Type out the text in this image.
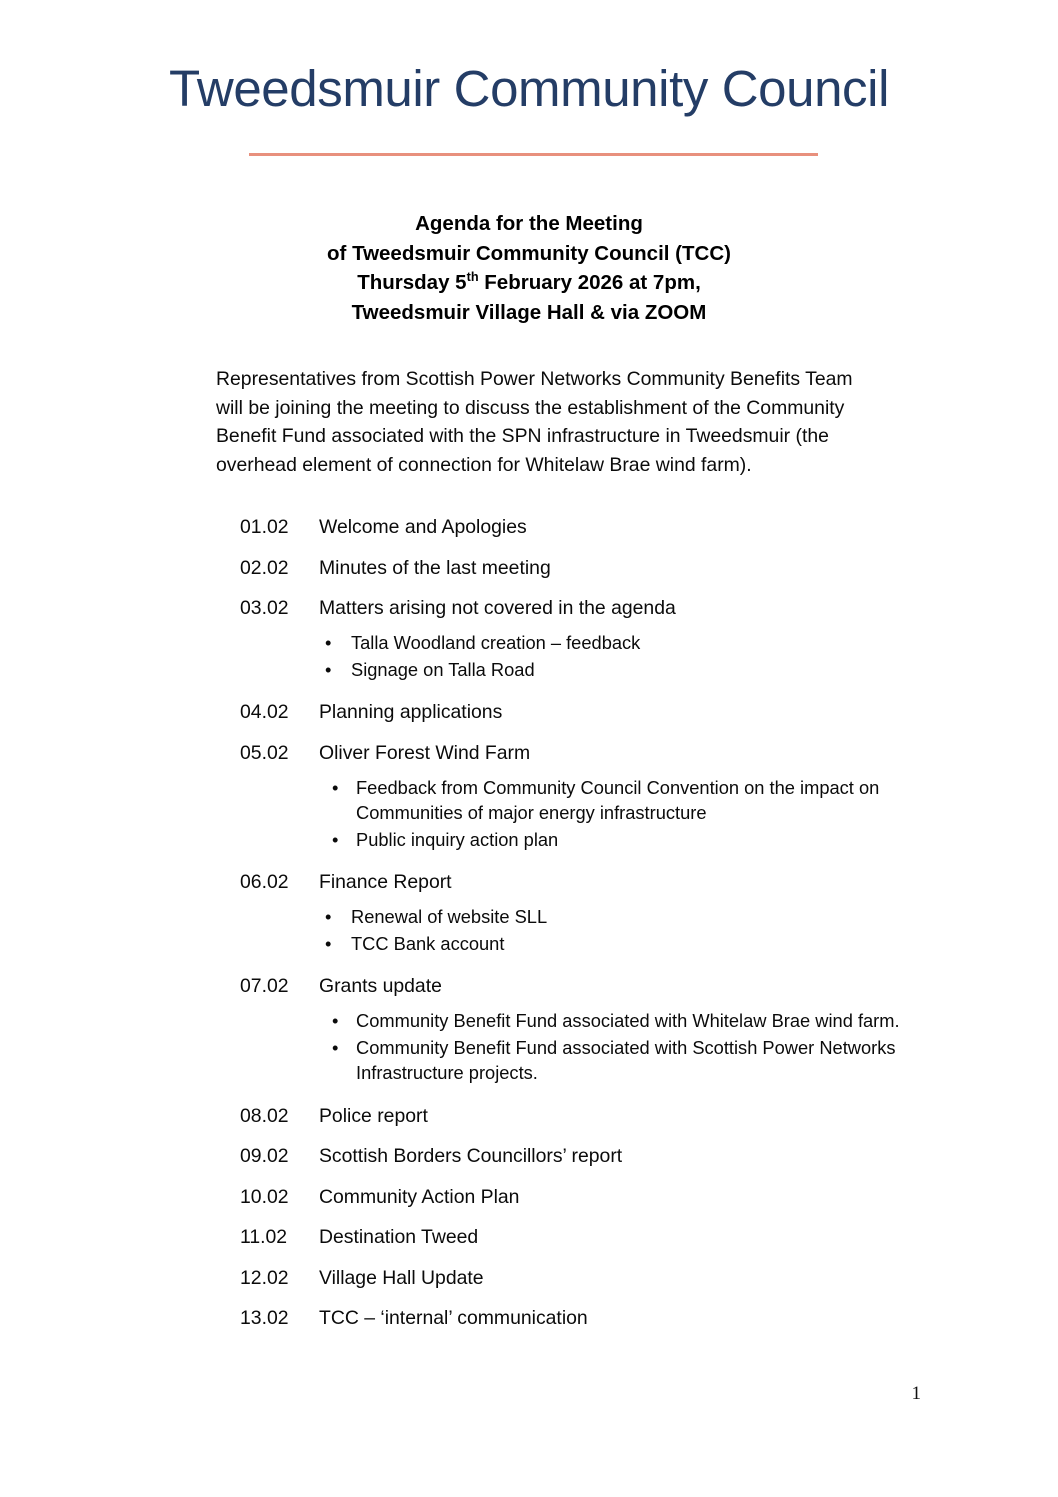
Tweedsmuir Community Council
Agenda for the Meeting
of Tweedsmuir Community Council (TCC)
Thursday 5th February 2026 at 7pm,
Tweedsmuir Village Hall & via ZOOM
Representatives from Scottish Power Networks Community Benefits Team will be joining the meeting to discuss the establishment of the Community Benefit Fund associated with the SPN infrastructure in Tweedsmuir (the overhead element of connection for Whitelaw Brae wind farm).
01.02	Welcome and Apologies
02.02	Minutes of the last meeting
03.02	Matters arising not covered in the agenda
• Talla Woodland creation – feedback
• Signage on Talla Road
04.02	Planning applications
05.02	Oliver Forest Wind Farm
• Feedback from Community Council Convention on the impact on Communities of major energy infrastructure
• Public inquiry action plan
06.02	Finance Report
• Renewal of website SLL
• TCC Bank account
07.02	Grants update
• Community Benefit Fund associated with Whitelaw Brae wind farm.
• Community Benefit Fund associated with Scottish Power Networks Infrastructure projects.
08.02	Police report
09.02	Scottish Borders Councillors’ report
10.02	Community Action Plan
11.02	Destination Tweed
12.02	Village Hall Update
13.02	TCC – ‘internal’ communication
1
